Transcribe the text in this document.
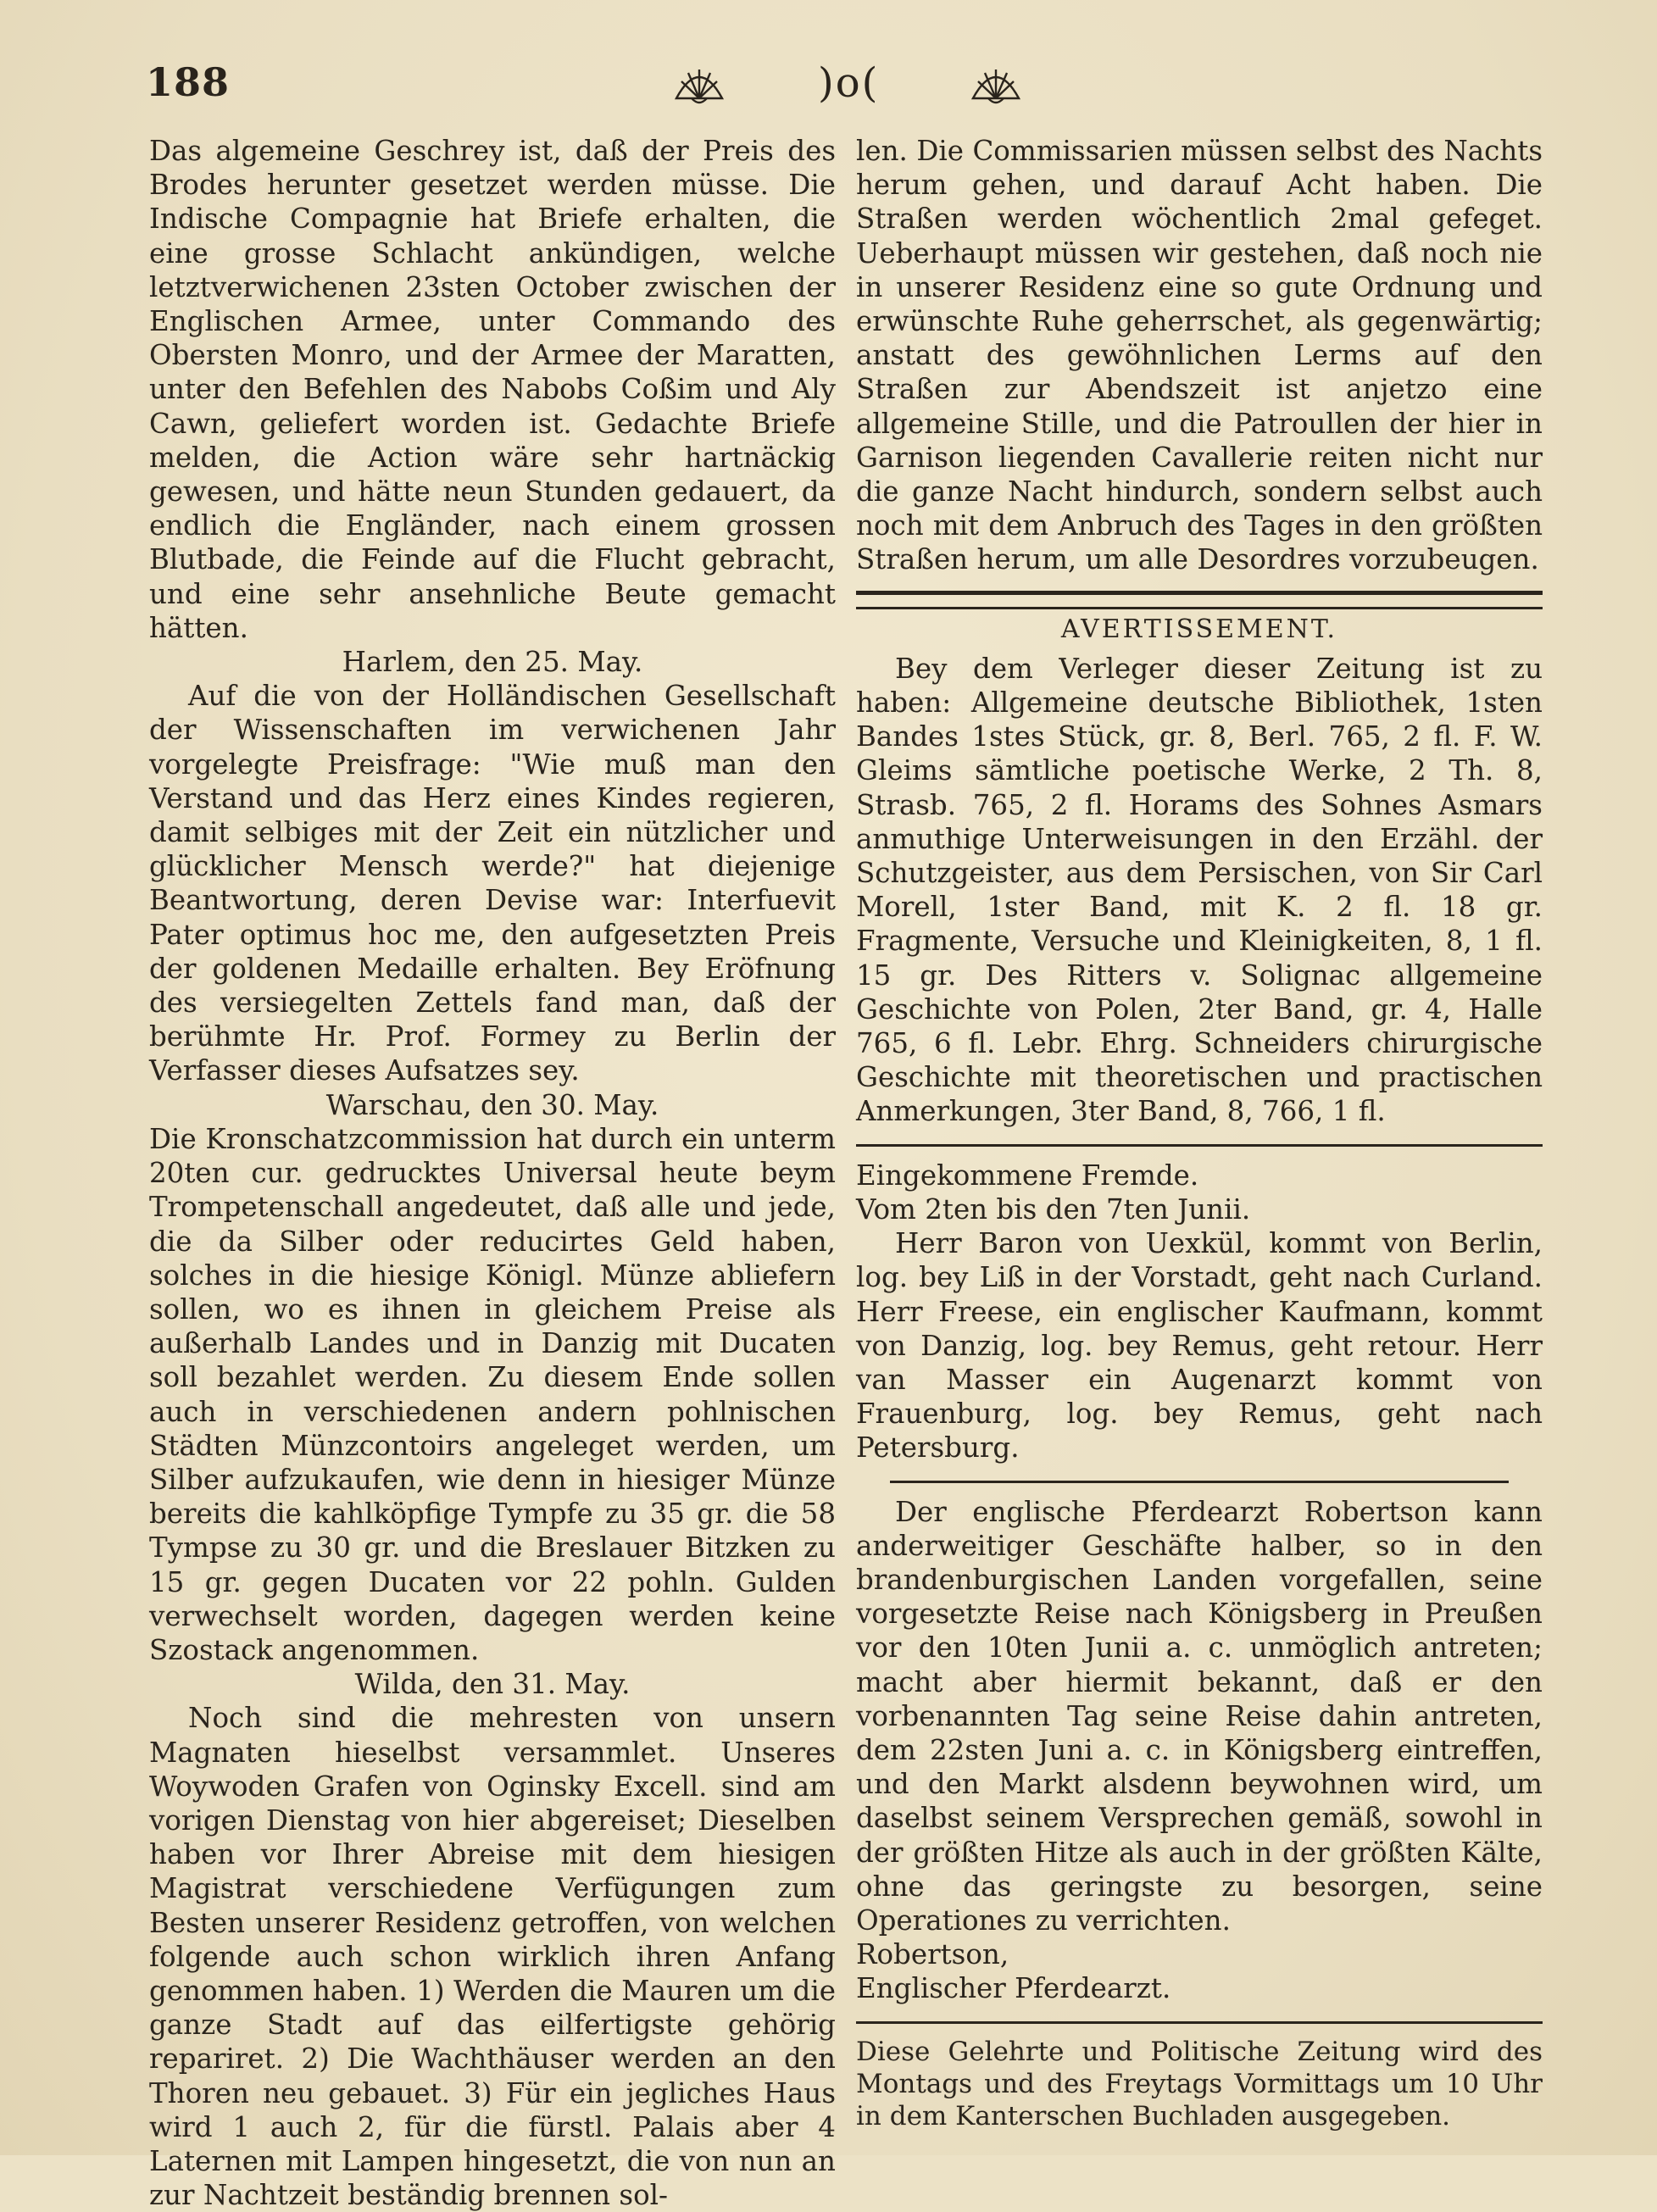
188	)o(

Das algemeine Geschrey ist, daß der Preis des Brodes herunter gesetzet werden müsse. Die Indische Compagnie hat Briefe erhalten, die eine grosse Schlacht ankündigen, welche letztverwichenen 23sten October zwischen der Englischen Armee, unter Commando des Obersten Monro, und der Armee der Maratten, unter den Befehlen des Nabobs Coßim und Aly Cawn, geliefert worden ist. Gedachte Briefe melden, die Action wäre sehr hartnäckig gewesen, und hätte neun Stunden gedauert, da endlich die Engländer, nach einem grossen Blutbade, die Feinde auf die Flucht gebracht, und eine sehr ansehnliche Beute gemacht hätten.

Harlem, den 25. May.

Auf die von der Holländischen Gesellschaft der Wissenschaften im verwichenen Jahr vorgelegte Preisfrage: "Wie muß man den Verstand und das Herz eines Kindes regieren, damit selbiges mit der Zeit ein nützlicher und glücklicher Mensch werde?" hat diejenige Beantwortung, deren Devise war: Interfuevit Pater optimus hoc me, den aufgesetzten Preis der goldenen Medaille erhalten. Bey Eröfnung des versiegelten Zettels fand man, daß der berühmte Hr. Prof. Formey zu Berlin der Verfasser dieses Aufsatzes sey.

Warschau, den 30. May.

Die Kronschatzcommission hat durch ein unterm 20ten cur. gedrucktes Universal heute beym Trompetenschall angedeutet, daß alle und jede, die da Silber oder reducirtes Geld haben, solches in die hiesige Königl. Münze abliefern sollen, wo es ihnen in gleichem Preise als außerhalb Landes und in Danzig mit Ducaten soll bezahlet werden. Zu diesem Ende sollen auch in verschiedenen andern pohlnischen Städten Münzcontoirs angeleget werden, um Silber aufzukaufen, wie denn in hiesiger Münze bereits die kahlköpfige Tympfe zu 35 gr. die 58 Tympse zu 30 gr. und die Breslauer Bitzken zu 15 gr. gegen Ducaten vor 22 pohln. Gulden verwechselt worden, dagegen werden keine Szostack angenommen.

Wilda, den 31. May.

Noch sind die mehresten von unsern Magnaten hieselbst versammlet. Unseres Woywoden Grafen von Oginsky Excell. sind am vorigen Dienstag von hier abgereiset; Dieselben haben vor Ihrer Abreise mit dem hiesigen Magistrat verschiedene Verfügungen zum Besten unserer Residenz getroffen, von welchen folgende auch schon wirklich ihren Anfang genommen haben. 1) Werden die Mauren um die ganze Stadt auf das eilfertigste gehörig repariret. 2) Die Wachthäuser werden an den Thoren neu gebauet. 3) Für ein jegliches Haus wird 1 auch 2, für die fürstl. Palais aber 4 Laternen mit Lampen hingesetzt, die von nun an zur Nachtzeit beständig brennen sol-

len. Die Commissarien müssen selbst des Nachts herum gehen, und darauf Acht haben. Die Straßen werden wöchentlich 2mal gefeget. Ueberhaupt müssen wir gestehen, daß noch nie in unserer Residenz eine so gute Ordnung und erwünschte Ruhe geherrschet, als gegenwärtig; anstatt des gewöhnlichen Lerms auf den Straßen zur Abendszeit ist anjetzo eine allgemeine Stille, und die Patroullen der hier in Garnison liegenden Cavallerie reiten nicht nur die ganze Nacht hindurch, sondern selbst auch noch mit dem Anbruch des Tages in den größten Straßen herum, um alle Desordres vorzubeugen.

AVERTISSEMENT.

Bey dem Verleger dieser Zeitung ist zu haben: Allgemeine deutsche Bibliothek, 1sten Bandes 1stes Stück, gr. 8, Berl. 765, 2 fl. F. W. Gleims sämtliche poetische Werke, 2 Th. 8, Strasb. 765, 2 fl. Horams des Sohnes Asmars anmuthige Unterweisungen in den Erzähl. der Schutzgeister, aus dem Persischen, von Sir Carl Morell, 1ster Band, mit K. 2 fl. 18 gr. Fragmente, Versuche und Kleinigkeiten, 8, 1 fl. 15 gr. Des Ritters v. Solignac allgemeine Geschichte von Polen, 2ter Band, gr. 4, Halle 765, 6 fl. Lebr. Ehrg. Schneiders chirurgische Geschichte mit theoretischen und practischen Anmerkungen, 3ter Band, 8, 766, 1 fl.

Eingekommene Fremde.

Vom 2ten bis den 7ten Junii.

Herr Baron von Uexkül, kommt von Berlin, log. bey Liß in der Vorstadt, geht nach Curland. Herr Freese, ein englischer Kaufmann, kommt von Danzig, log. bey Remus, geht retour. Herr van Masser ein Augenarzt kommt von Frauenburg, log. bey Remus, geht nach Petersburg.

Der englische Pferdearzt Robertson kann anderweitiger Geschäfte halber, so in den brandenburgischen Landen vorgefallen, seine vorgesetzte Reise nach Königsberg in Preußen vor den 10ten Junii a. c. unmöglich antreten; macht aber hiermit bekannt, daß er den vorbenannten Tag seine Reise dahin antreten, dem 22sten Juni a. c. in Königsberg eintreffen, und den Markt alsdenn beywohnen wird, um daselbst seinem Versprechen gemäß, sowohl in der größten Hitze als auch in der größten Kälte, ohne das geringste zu besorgen, seine Operationes zu verrichten.

Robertson,

Englischer Pferdearzt.

Diese Gelehrte und Politische Zeitung wird des Montags und des Freytags Vormittags um 10 Uhr in dem Kanterschen Buchladen ausgegeben.
